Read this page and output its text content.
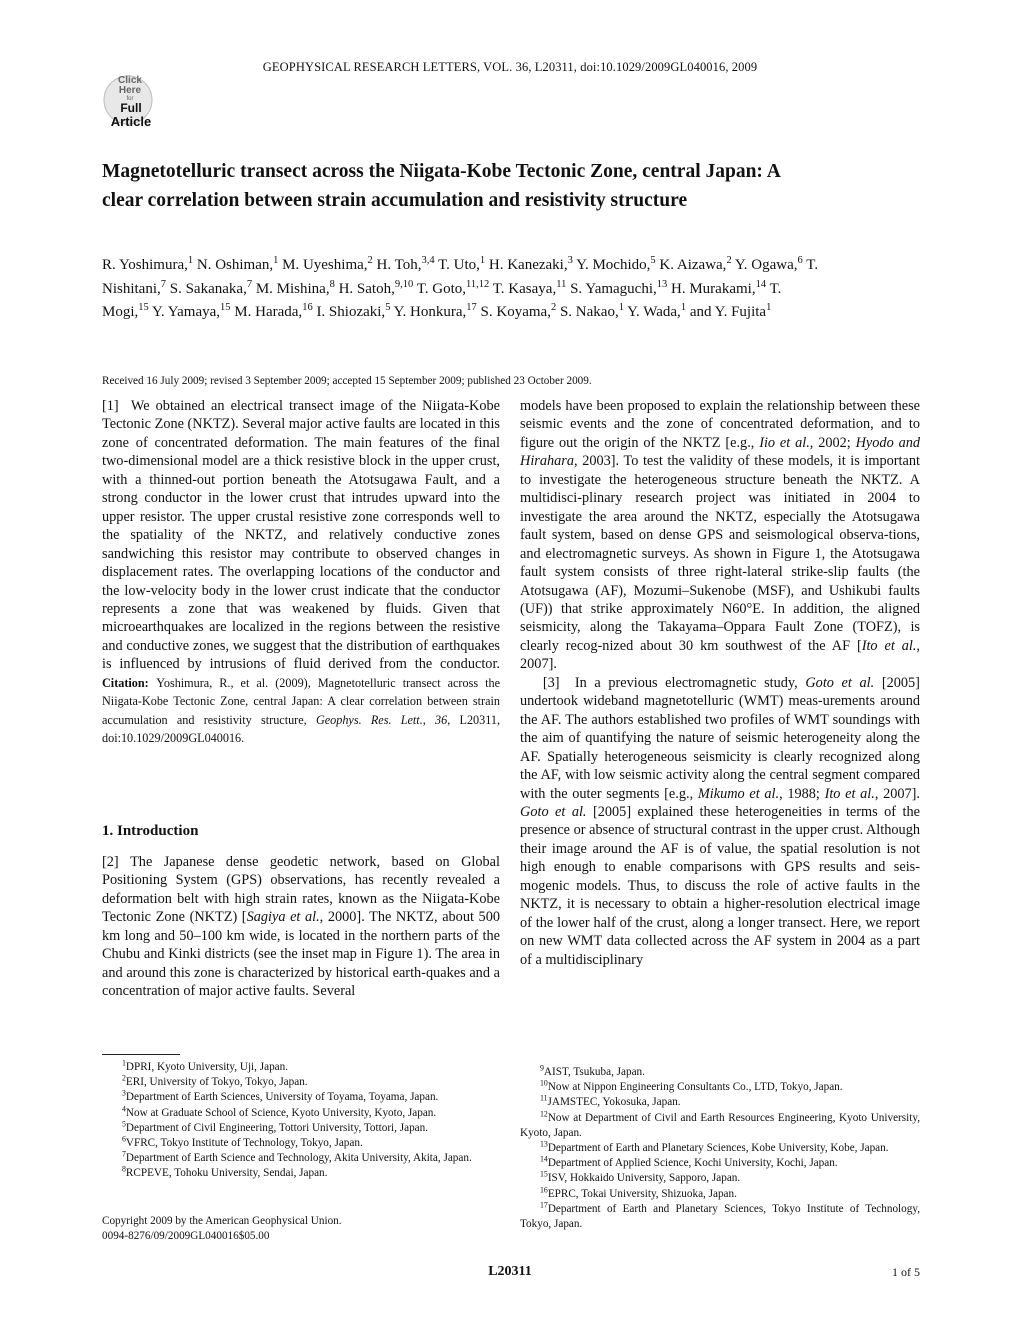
GEOPHYSICAL RESEARCH LETTERS, VOL. 36, L20311, doi:10.1029/2009GL040016, 2009
Click
Here
for
Full
Article
Magnetotelluric transect across the Niigata-Kobe Tectonic Zone, central Japan: A clear correlation between strain accumulation and resistivity structure
R. Yoshimura,$^1$ N. Oshiman,$^1$ M. Uyeshima,$^2$ H. Toh,$^{3,4}$ T. Uto,$^1$ H. Kanezaki,$^3$ Y. Mochido,$^5$ K. Aizawa,$^2$ Y. Ogawa,$^6$ T. Nishitani,$^7$ S. Sakanaka,$^7$ M. Mishina,$^8$ H. Satoh,$^{9,10}$ T. Goto,$^{11,12}$ T. Kasaya,$^{11}$ S. Yamaguchi,$^{13}$ H. Murakami,$^{14}$ T. Mogi,$^{15}$ Y. Yamaya,$^{15}$ M. Harada,$^{16}$ I. Shiozaki,$^5$ Y. Honkura,$^{17}$ S. Koyama,$^2$ S. Nakao,$^1$ Y. Wada,$^1$ and Y. Fujita$^1$
Received 16 July 2009; revised 3 September 2009; accepted 15 September 2009; published 23 October 2009.

[1] We obtained an electrical transect image of the Niigata-Kobe Tectonic Zone (NKTZ). Several major active faults are located in this zone of concentrated deformation. The main features of the final two-dimensional model are a thick resistive block in the upper crust, with a thinned-out portion beneath the Atotsugawa Fault, and a strong conductor in the lower crust that intrudes upward into the upper resistor. The upper crustal resistive zone corresponds well to the spatiality of the NKTZ, and relatively conductive zones sandwiching this resistor may contribute to observed changes in displacement rates. The overlapping locations of the conductor and the low-velocity body in the lower crust indicate that the conductor represents a zone that was weakened by fluids. Given that microearthquakes are localized in the regions between the resistive and conductive zones, we suggest that the distribution of earthquakes is influenced by intrusions of fluid derived from the conductor. Citation: Yoshimura, R., et al. (2009), Magnetotelluric transect across the Niigata-Kobe Tectonic Zone, central Japan: A clear correlation between strain accumulation and resistivity structure, Geophys. Res. Lett., 36, L20311, doi:10.1029/2009GL040016.

1. Introduction

[2] The Japanese dense geodetic network, based on Global Positioning System (GPS) observations, has recently revealed a deformation belt with high strain rates, known as the Niigata-Kobe Tectonic Zone (NKTZ) [Sagiya et al., 2000]. The NKTZ, about 500 km long and 50–100 km wide, is located in the northern parts of the Chubu and Kinki districts (see the inset map in Figure 1). The area in and around this zone is characterized by historical earth-quakes and a concentration of major active faults. Several

models have been proposed to explain the relationship between these seismic events and the zone of concentrated deformation, and to figure out the origin of the NKTZ [e.g., Iio et al., 2002; Hyodo and Hirahara, 2003]. To test the validity of these models, it is important to investigate the heterogeneous structure beneath the NKTZ. A multidisci-plinary research project was initiated in 2004 to investigate the area around the NKTZ, especially the Atotsugawa fault system, based on dense GPS and seismological observa-tions, and electromagnetic surveys. As shown in Figure 1, the Atotsugawa fault system consists of three right-lateral strike-slip faults (the Atotsugawa (AF), Mozumi–Sukenobe (MSF), and Ushikubi faults (UF)) that strike approximately N60°E. In addition, the aligned seismicity, along the Takayama–Oppara Fault Zone (TOFZ), is clearly recog-nized about 30 km southwest of the AF [Ito et al., 2007].

[3] In a previous electromagnetic study, Goto et al. [2005] undertook wideband magnetotelluric (WMT) meas-urements around the AF. The authors established two profiles of WMT soundings with the aim of quantifying the nature of seismic heterogeneity along the AF. Spatially heterogeneous seismicity is clearly recognized along the AF, with low seismic activity along the central segment compared with the outer segments [e.g., Mikumo et al., 1988; Ito et al., 2007]. Goto et al. [2005] explained these heterogeneities in terms of the presence or absence of structural contrast in the upper crust. Although their image around the AF is of value, the spatial resolution is not high enough to enable comparisons with GPS results and seis-mogenic models. Thus, to discuss the role of active faults in the NKTZ, it is necessary to obtain a higher-resolution electrical image of the lower half of the crust, along a longer transect. Here, we report on new WMT data collected across the AF system in 2004 as a part of a multidisciplinary

$^1$DPRI, Kyoto University, Uji, Japan.
$^2$ERI, University of Tokyo, Tokyo, Japan.
$^3$Department of Earth Sciences, University of Toyama, Toyama, Japan.
$^4$Now at Graduate School of Science, Kyoto University, Kyoto, Japan.
$^5$Department of Civil Engineering, Tottori University, Tottori, Japan.
$^6$VFRC, Tokyo Institute of Technology, Tokyo, Japan.
$^7$Department of Earth Science and Technology, Akita University, Akita, Japan.
$^8$RCPEVE, Tohoku University, Sendai, Japan.
$^9$AIST, Tsukuba, Japan.
$^{10}$Now at Nippon Engineering Consultants Co., LTD, Tokyo, Japan.
$^{11}$JAMSTEC, Yokosuka, Japan.
$^{12}$Now at Department of Civil and Earth Resources Engineering, Kyoto University, Kyoto, Japan.
$^{13}$Department of Earth and Planetary Sciences, Kobe University, Kobe, Japan.
$^{14}$Department of Applied Science, Kochi University, Kochi, Japan.
$^{15}$ISV, Hokkaido University, Sapporo, Japan.
$^{16}$EPRC, Tokai University, Shizuoka, Japan.
$^{17}$Department of Earth and Planetary Sciences, Tokyo Institute of Technology, Tokyo, Japan.
Copyright 2009 by the American Geophysical Union.
0094-8276/09/2009GL040016$05.00
L20311	1 of 5
